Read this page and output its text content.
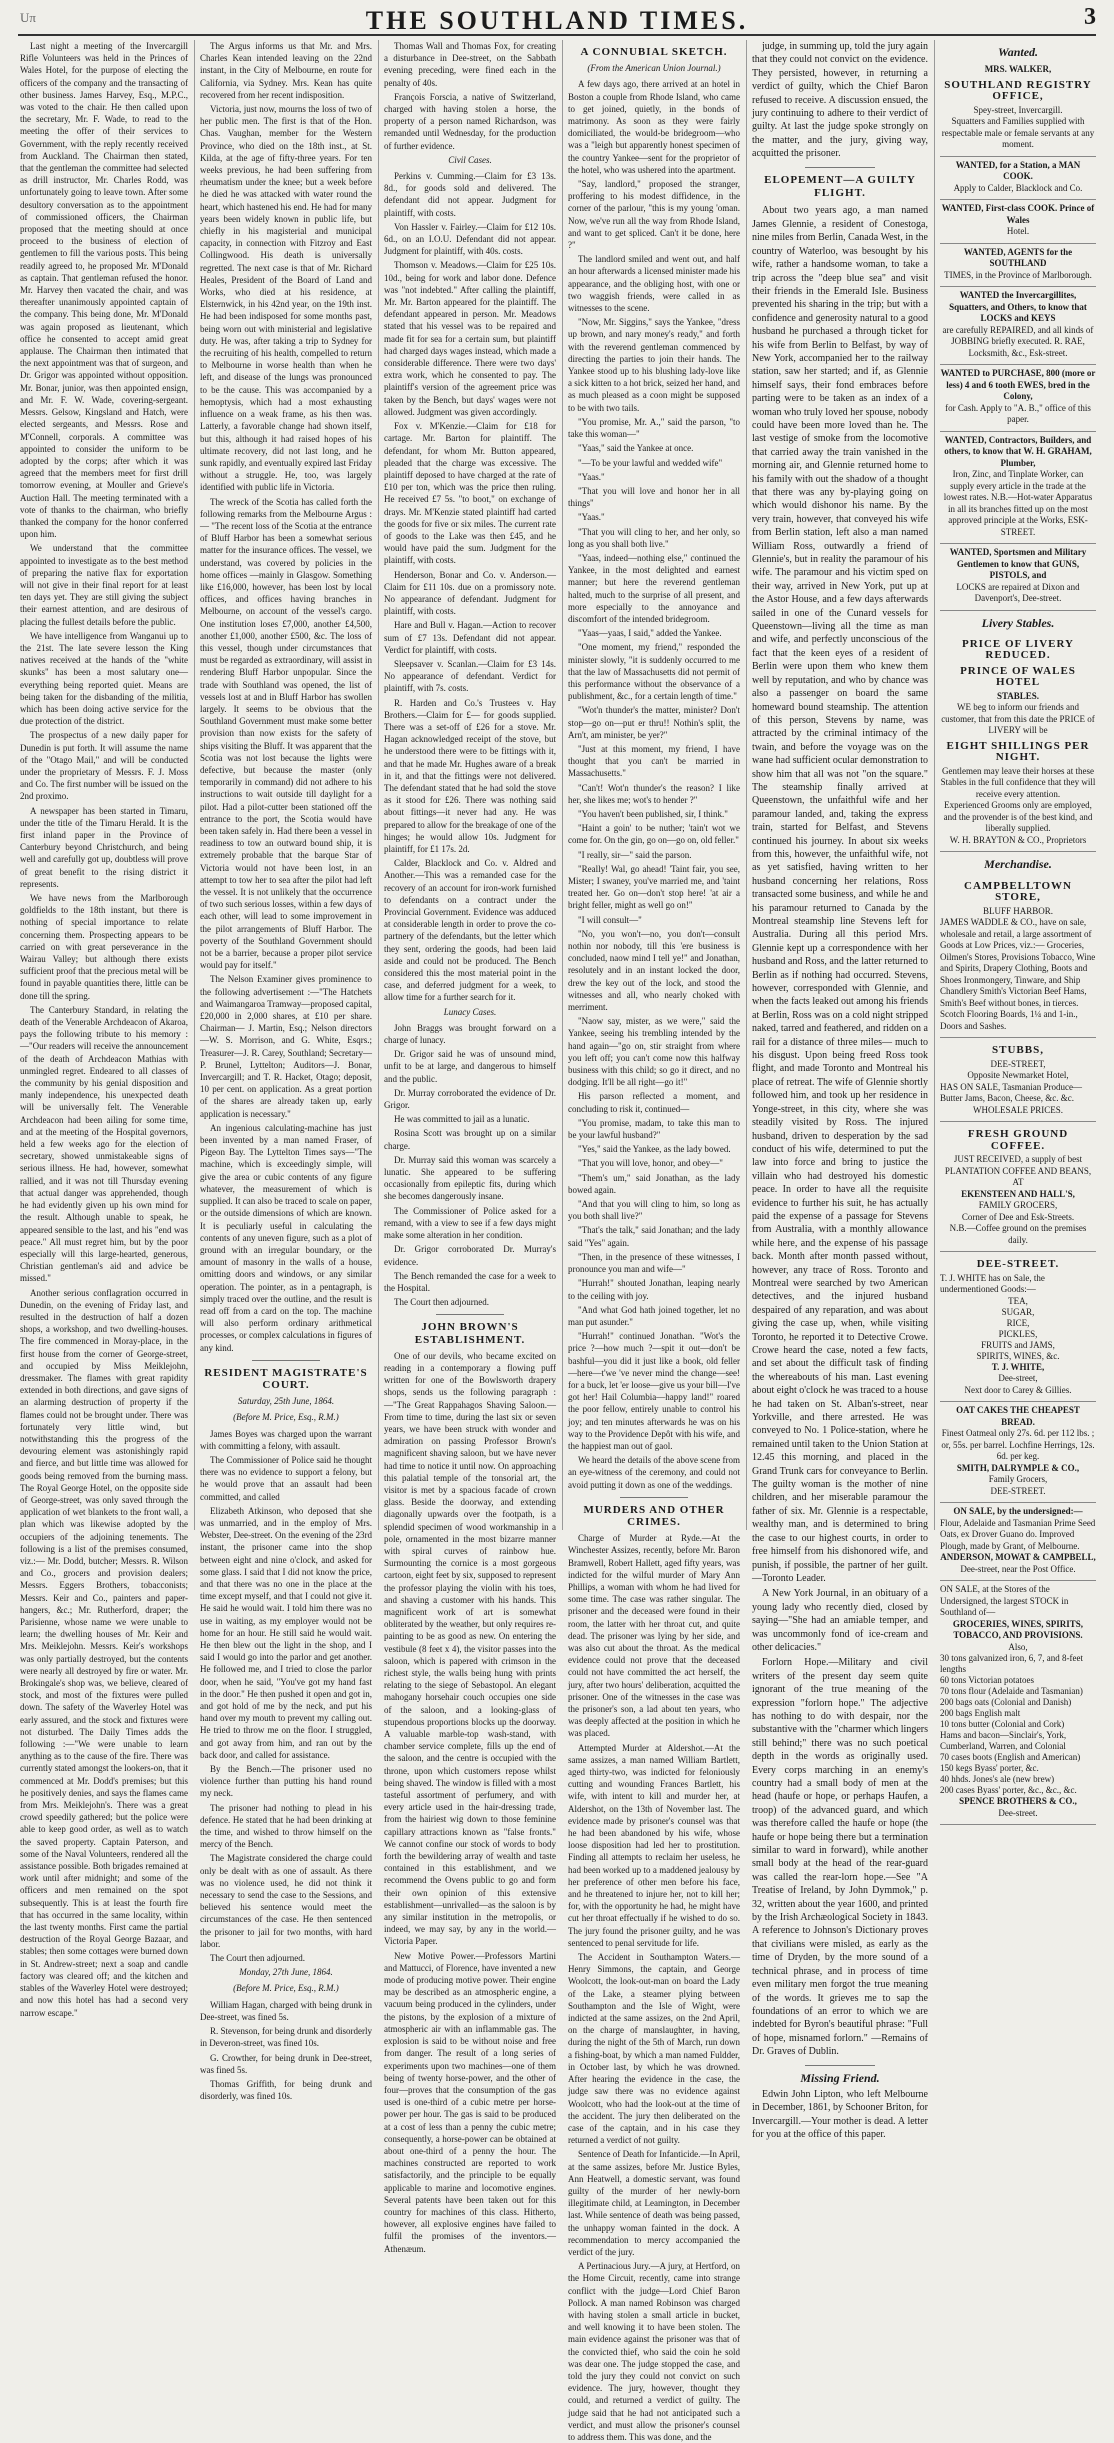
Uπ	THE SOUTHLAND TIMES.	3

Last night a meeting of the Invercargill Rifle Volunteers was held in the Princes of Wales Hotel, for the purpose of electing the officers of the company and the transacting of other business. James Harvey, Esq., M.P.C., was voted to the chair. He then called upon the secretary, Mr. F. Wade, to read to the meeting the offer of their services to Government, with the reply recently received from Auckland. The Chairman then stated, that the gentleman the committee had selected as drill instructor, Mr. Charles Rodd, was unfortunately going to leave town. After some desultory conversation as to the appointment of commissioned officers, the Chairman proposed that the meeting should at once proceed to the business of election of gentlemen to fill the various posts. This being readily agreed to, he proposed Mr. M'Donald as captain. That gentleman refused the honor. Mr. Harvey then vacated the chair, and was thereafter unanimously appointed captain of the company. This being done, Mr. M'Donald was again proposed as lieutenant, which office he consented to accept amid great applause. The Chairman then intimated that the next appointment was that of surgeon, and Dr. Grigor was appointed without opposition. Mr. Bonar, junior, was then appointed ensign, and Mr. F. W. Wade, covering-sergeant. Messrs. Gelsow, Kingsland and Hatch, were elected sergeants, and Messrs. Rose and M'Connell, corporals. A committee was appointed to consider the uniform to be adopted by the corps; after which it was agreed that the members meet for first drill tomorrow evening, at Mouller and Grieve's Auction Hall. The meeting terminated with a vote of thanks to the chairman, who briefly thanked the company for the honor conferred upon him.

We understand that the committee appointed to investigate as to the best method of preparing the native flax for exportation will not give in their final report for at least ten days yet. They are still giving the subject their earnest attention, and are desirous of placing the fullest details before the public.

We have intelligence from Wanganui up to the 21st. The late severe lesson the King natives received at the hands of the "white skunks" has been a most salutary one—everything being reported quiet. Means are being taken for the disbanding of the militia, which has been doing active service for the due protection of the district.

The prospectus of a new daily paper for Dunedin is put forth. It will assume the name of the "Otago Mail," and will be conducted under the proprietary of Messrs. F. J. Moss and Co. The first number will be issued on the 2nd proximo.

A newspaper has been started in Timaru, under the title of the Timaru Herald. It is the first inland paper in the Province of Canterbury beyond Christchurch, and being well and carefully got up, doubtless will prove of great benefit to the rising district it represents.

We have news from the Marlborough goldfields to the 18th instant, but there is nothing of special importance to relate concerning them. Prospecting appears to be carried on with great perseverance in the Wairau Valley; but although there exists sufficient proof that the precious metal will be found in payable quantities there, little can be done till the spring.

The Canterbury Standard, in relating the death of the Venerable Archdeacon of Akaroa, pays the following tribute to his memory :—"Our readers will receive the announcement of the death of Archdeacon Mathias with unmingled regret. Endeared to all classes of the community by his genial disposition and manly independence, his unexpected death will be universally felt. The Venerable Archdeacon had been ailing for some time, and at the meeting of the Hospital governors, held a few weeks ago for the election of secretary, showed unmistakeable signs of serious illness. He had, however, somewhat rallied, and it was not till Thursday evening that actual danger was apprehended, though he had evidently given up his own mind for the result. Although unable to speak, he appeared sensible to the last, and his "end was peace." All must regret him, but by the poor especially will this large-hearted, generous, Christian gentleman's aid and advice be missed."

Another serious conflagration occurred in Dunedin, on the evening of Friday last, and resulted in the destruction of half a dozen shops, a workshop, and two dwelling-houses. The fire commenced in Moray-place, in the first house from the corner of George-street, and occupied by Miss Meiklejohn, dressmaker. The flames with great rapidity extended in both directions, and gave signs of an alarming destruction of property if the flames could not be brought under. There was fortunately very little wind, but notwithstanding this the progress of the devouring element was astonishingly rapid and fierce, and but little time was allowed for goods being removed from the burning mass. The Royal George Hotel, on the opposite side of George-street, was only saved through the application of wet blankets to the front wall, a plan which was likewise adopted by the occupiers of the adjoining tenements. The following is a list of the premises consumed, viz.:— Mr. Dodd, butcher; Messrs. R. Wilson and Co., grocers and provision dealers; Messrs. Eggers Brothers, tobacconists; Messrs. Keir and Co., painters and paper-hangers, &c.; Mr. Rutherford, draper; the Parisienne, whose name we were unable to learn; the dwelling houses of Mr. Keir and Mrs. Meiklejohn. Messrs. Keir's workshops was only partially destroyed, but the contents were nearly all destroyed by fire or water. Mr. Brokingale's shop was, we believe, cleared of stock, and most of the fixtures were pulled down. The safety of the Waverley Hotel was early assured, and the stock and fixtures were not disturbed. The Daily Times adds the following :—"We were unable to learn anything as to the cause of the fire. There was currently stated amongst the lookers-on, that it commenced at Mr. Dodd's premises; but this he positively denies, and says the flames came from Mrs. Meiklejohn's. There was a great crowd speedily gathered; but the police were able to keep good order, as well as to watch the saved property. Captain Paterson, and some of the Naval Volunteers, rendered all the assistance possible. Both brigades remained at work until after midnight; and some of the officers and men remained on the spot subsequently. This is at least the fourth fire that has occurred in the same locality, within the last twenty months. First came the partial destruction of the Royal George Bazaar, and stables; then some cottages were burned down in St. Andrew-street; next a soap and candle factory was cleared off; and the kitchen and stables of the Waverley Hotel were destroyed; and now this hotel has had a second very narrow escape."

The Argus informs us that Mr. and Mrs. Charles Kean intended leaving on the 22nd instant, in the City of Melbourne, en route for California, via Sydney. Mrs. Kean has quite recovered from her recent indisposition.

Victoria, just now, mourns the loss of two of her public men. The first is that of the Hon. Chas. Vaughan, member for the Western Province, who died on the 18th inst., at St. Kilda, at the age of fifty-three years. For ten weeks previous, he had been suffering from rheumatism under the knee; but a week before he died he was attacked with water round the heart, which hastened his end. He had for many years been widely known in public life, but chiefly in his magisterial and municipal capacity, in connection with Fitzroy and East Collingwood. His death is universally regretted. The next case is that of Mr. Richard Heales, President of the Board of Land and Works, who died at his residence, at Elsternwick, in his 42nd year, on the 19th inst. He had been indisposed for some months past, being worn out with ministerial and legislative duty. He was, after taking a trip to Sydney for the recruiting of his health, compelled to return to Melbourne in worse health than when he left, and disease of the lungs was pronounced to be the cause. This was accompanied by a hemoptysis, which had a most exhausting influence on a weak frame, as his then was. Latterly, a favorable change had shown itself, but this, although it had raised hopes of his ultimate recovery, did not last long, and he sunk rapidly, and eventually expired last Friday without a struggle. He, too, was largely identified with public life in Victoria.

The wreck of the Scotia has called forth the following remarks from the Melbourne Argus :— "The recent loss of the Scotia at the entrance of Bluff Harbor has been a somewhat serious matter for the insurance offices. The vessel, we understand, was covered by policies in the home offices —mainly in Glasgow. Something like £16,000, however, has been lost by local offices, and offices having branches in Melbourne, on account of the vessel's cargo. One institution loses £7,000, another £4,500, another £1,000, another £500, &c. The loss of this vessel, though under circumstances that must be regarded as extraordinary, will assist in rendering Bluff Harbor unpopular. Since the trade with Southland was opened, the list of vessels lost at and in Bluff Harbor has swollen largely. It seems to be obvious that the Southland Government must make some better provision than now exists for the safety of ships visiting the Bluff. It was apparent that the Scotia was not lost because the lights were defective, but because the master (only temporarily in command) did not adhere to his instructions to wait outside till daylight for a pilot. Had a pilot-cutter been stationed off the entrance to the port, the Scotia would have been taken safely in. Had there been a vessel in readiness to tow an outward bound ship, it is extremely probable that the barque Star of Victoria would not have been lost, in an attempt to tow her to sea after the pilot had left the vessel. It is not unlikely that the occurrence of two such serious losses, within a few days of each other, will lead to some improvement in the pilot arrangements of Bluff Harbor. The poverty of the Southland Government should not be a barrier, because a proper pilot service would pay for itself."

The Nelson Examiner gives prominence to the following advertisement :—"The Hatchets and Waimangaroa Tramway—proposed capital, £20,000 in 2,000 shares, at £10 per share. Chairman— J. Martin, Esq.; Nelson directors—W. S. Morrison, and G. White, Esqrs.; Treasurer—J. R. Carey, Southland; Secretary—P. Brunel, Lyttelton; Auditors—J. Bonar, Invercargill; and T. R. Hacket, Otago; deposit, 10 per cent. on application. As a great portion of the shares are already taken up, early application is necessary."

An ingenious calculating-machine has just been invented by a man named Fraser, of Pigeon Bay. The Lyttelton Times says—"The machine, which is exceedingly simple, will give the area or cubic contents of any figure whatever, the measurement of which is supplied. It can also be traced to scale on paper, or the outside dimensions of which are known. It is peculiarly useful in calculating the contents of any uneven figure, such as a plot of ground with an irregular boundary, or the amount of masonry in the walls of a house, omitting doors and windows, or any similar operation. The pointer, as in a pentagraph, is simply traced over the outline, and the result is read off from a card on the top. The machine will also perform ordinary arithmetical processes, or complex calculations in figures of any kind.

RESIDENT MAGISTRATE'S COURT.
Saturday, 25th June, 1864.
(Before M. Price, Esq., R.M.)

James Boyes was charged upon the warrant with committing a felony, with assault.

The Commissioner of Police said he thought there was no evidence to support a felony, but he would prove that an assault had been committed, and called

Elizabeth Atkinson, who deposed that she was unmarried, and in the employ of Mrs. Webster, Dee-street. On the evening of the 23rd instant, the prisoner came into the shop between eight and nine o'clock, and asked for some glass. I said that I did not know the price, and that there was no one in the place at the time except myself, and that I could not give it. He said he would wait. I told him there was no use in waiting, as my employer would not be home for an hour. He still said he would wait. He then blew out the light in the shop, and I said I would go into the parlor and get another. He followed me, and I tried to close the parlor door, when he said, "You've got my hand fast in the door." He then pushed it open and got in, and got hold of me by the neck, and put his hand over my mouth to prevent my calling out. He tried to throw me on the floor. I struggled, and got away from him, and ran out by the back door, and called for assistance.

By the Bench.—The prisoner used no violence further than putting his hand round my neck.

The prisoner had nothing to plead in his defence. He stated that he had been drinking at the time, and wished to throw himself on the mercy of the Bench.

The Magistrate considered the charge could only be dealt with as one of assault. As there was no violence used, he did not think it necessary to send the case to the Sessions, and believed his sentence would meet the circumstances of the case. He then sentenced the prisoner to jail for two months, with hard labor.

The Court then adjourned.

Monday, 27th June, 1864.
(Before M. Price, Esq., R.M.)

William Hagan, charged with being drunk in Dee-street, was fined 5s.

R. Stevenson, for being drunk and disorderly in Deveron-street, was fined 10s.

G. Crowther, for being drunk in Dee-street, was fined 5s.

Thomas Griffith, for being drunk and disorderly, was fined 10s.

Thomas Wall and Thomas Fox, for creating a disturbance in Dee-street, on the Sabbath evening preceding, were fined each in the penalty of 40s.

François Forscia, a native of Switzerland, charged with having stolen a horse, the property of a person named Richardson, was remanded until Wednesday, for the production of further evidence.

Civil Cases.

Perkins v. Cumming.—Claim for £3 13s. 8d., for goods sold and delivered. The defendant did not appear. Judgment for plaintiff, with costs.

Von Hassler v. Fairley.—Claim for £12 10s. 6d., on an I.O.U. Defendant did not appear. Judgment for plaintiff, with 40s. costs.

Thomson v. Meadows.—Claim for £25 10s. 10d., being for work and labor done. Defence was "not indebted." After calling the plaintiff, Mr. Mr. Barton appeared for the plaintiff. The defendant appeared in person. Mr. Meadows stated that his vessel was to be repaired and made fit for sea for a certain sum, but plaintiff had charged days wages instead, which made a considerable difference. There were two days' extra work, which he consented to pay. The plaintiff's version of the agreement price was taken by the Bench, but days' wages were not allowed. Judgment was given accordingly.

Fox v. M'Kenzie.—Claim for £18 for cartage. Mr. Barton for plaintiff. The defendant, for whom Mr. Button appeared, pleaded that the charge was excessive. The plaintiff deposed to have charged at the rate of £10 per ton, which was the price then ruling. He received £7 5s. "to boot," on exchange of drays. Mr. M'Kenzie stated plaintiff had carted the goods for five or six miles. The current rate of goods to the Lake was then £45, and he would have paid the sum. Judgment for the plaintiff, with costs.

Henderson, Bonar and Co. v. Anderson.— Claim for £11 10s. due on a promissory note. No appearance of defendant. Judgment for plaintiff, with costs.

Hare and Bull v. Hagan.—Action to recover sum of £7 13s. Defendant did not appear. Verdict for plaintiff, with costs.

Sleepsaver v. Scanlan.—Claim for £3 14s. No appearance of defendant. Verdict for plaintiff, with 7s. costs.

R. Harden and Co.'s Trustees v. Hay Brothers.—Claim for £— for goods supplied. There was a set-off of £26 for a stove. Mr. Hagan acknowledged receipt of the stove, but he understood there were to be fittings with it, and that he made Mr. Hughes aware of a break in it, and that the fittings were not delivered. The defendant stated that he had sold the stove as it stood for £26. There was nothing said about fittings—it never had any. He was prepared to allow for the breakage of one of the hinges; he would allow 10s. Judgment for plaintiff, for £1 17s. 2d.

Calder, Blacklock and Co. v. Aldred and Another.—This was a remanded case for the recovery of an account for iron-work furnished to defendants on a contract under the Provincial Government. Evidence was adduced at considerable length in order to prove the co-partnery of the defendants, but the letter which they sent, ordering the goods, had been laid aside and could not be produced. The Bench considered this the most material point in the case, and deferred judgment for a week, to allow time for a further search for it.

Lunacy Cases.

John Braggs was brought forward on a charge of lunacy.

Dr. Grigor said he was of unsound mind, unfit to be at large, and dangerous to himself and the public.

Dr. Murray corroborated the evidence of Dr. Grigor.

He was committed to jail as a lunatic.

Rosina Scott was brought up on a similar charge.

Dr. Murray said this woman was scarcely a lunatic. She appeared to be suffering occasionally from epileptic fits, during which she becomes dangerously insane.

The Commissioner of Police asked for a remand, with a view to see if a few days might make some alteration in her condition.

Dr. Grigor corroborated Dr. Murray's evidence.

The Bench remanded the case for a week to the Hospital.

The Court then adjourned.

JOHN BROWN'S ESTABLISHMENT.

One of our devils, who became excited on reading in a contemporary a flowing puff written for one of the Bowlsworth drapery shops, sends us the following paragraph :—"The Great Rappahagos Shaving Saloon.—From time to time, during the last six or seven years, we have been struck with wonder and admiration on passing Professor Brown's magnificent shaving saloon, but we have never had time to notice it until now. On approaching this palatial temple of the tonsorial art, the visitor is met by a spacious facade of crown glass. Beside the doorway, and extending diagonally upwards over the footpath, is a splendid specimen of wood workmanship in a pole, ornamented in the most bizarre manner with spiral curves of rainbow hue. Surmounting the cornice is a most gorgeous cartoon, eight feet by six, supposed to represent the professor playing the violin with his toes, and shaving a customer with his hands. This magnificent work of art is somewhat obliterated by the weather, but only requires re-painting to be as good as new. On entering the vestibule (8 feet x 4), the visitor passes into the saloon, which is papered with crimson in the richest style, the walls being hung with prints relating to the siege of Sebastopol. An elegant mahogany horsehair couch occupies one side of the saloon, and a looking-glass of stupendous proportions blocks up the doorway. A valuable marble-top wash-stand, with chamber service complete, fills up the end of the saloon, and the centre is occupied with the throne, upon which customers repose whilst being shaved. The window is filled with a most tasteful assortment of perfumery, and with every article used in the hair-dressing trade, from the hairiest wig down to those feminine capillary attractions known as "false fronts." We cannot confine our stock of words to body forth the bewildering array of wealth and taste contained in this establishment, and we recommend the Ovens public to go and form their own opinion of this extensive establishment—unrivalled—as the saloon is by any similar institution in the metropolis, or indeed, we may say, by any in the world.—Victoria Paper.

New Motive Power.—Professors Martini and Mattucci, of Florence, have invented a new mode of producing motive power. Their engine may be described as an atmospheric engine, a vacuum being produced in the cylinders, under the pistons, by the explosion of a mixture of atmospheric air with an inflammable gas. The explosion is said to be without noise and free from danger. The result of a long series of experiments upon two machines—one of them being of twenty horse-power, and the other of four—proves that the consumption of the gas used is one-third of a cubic metre per horse-power per hour. The gas is said to be produced at a cost of less than a penny the cubic metre; consequently, a horse-power can be obtained at about one-third of a penny the hour. The machines constructed are reported to work satisfactorily, and the principle to be equally applicable to marine and locomotive engines. Several patents have been taken out for this country for machines of this class. Hitherto, however, all explosive engines have failed to fulfil the promises of the inventors.—Athenæum.

A CONNUBIAL SKETCH.
(From the American Union Journal.)

A few days ago, there arrived at an hotel in Boston a couple from Rhode Island, who came to get joined, quietly, in the bonds of matrimony. As soon as they were fairly domiciliated, the would-be bridegroom—who was a "leigh but apparently honest specimen of the country Yankee—sent for the proprietor of the hotel, who was ushered into the apartment.

"Say, landlord," proposed the stranger, proffering to his modest diffidence, in the corner of the parlour, "this is my young 'oman. Now, we've run all the way from Rhode Island, and want to get spliced. Can't it be done, here ?"

The landlord smiled and went out, and half an hour afterwards a licensed minister made his appearance, and the obliging host, with one or two waggish friends, were called in as witnesses to the scene.

"Now, Mr. Siggins," says the Yankee, "dress up brown, and nary money's ready," and forth with the reverend gentleman commenced by directing the parties to join their hands. The Yankee stood up to his blushing lady-love like a sick kitten to a hot brick, seized her hand, and as much pleased as a coon might be supposed to be with two tails.

"You promise, Mr. A.," said the parson, "to take this woman—"

"Yaas," said the Yankee at once.

"—To be your lawful and wedded wife"

"Yaas."

"That you will love and honor her in all things"

"Yaas."

"That you will cling to her, and her only, so long as you shall both live."

"Yaas, indeed—nothing else," continued the Yankee, in the most delighted and earnest manner; but here the reverend gentleman halted, much to the surprise of all present, and more especially to the annoyance and discomfort of the intended bridegroom.

"Yaas—yaas, I said," added the Yankee.

"One moment, my friend," responded the minister slowly, "it is suddenly occurred to me that the law of Massachusetts did not permit of this performance without the observance of a publishment, &c., for a certain length of time."

"Wot'n thunder's the matter, minister? Don't stop—go on—put er thru!! Nothin's split, the Arn't, am minister, be yer?"

"Just at this moment, my friend, I have thought that you can't be married in Massachusetts."

"Can't! Wot'n thunder's the reason? I like her, she likes me; wot's to hender ?"

"You haven't been published, sir, I think."

"Haint a goin' to be nuther; 'tain't wot we come for. On the gin, go on—go on, old feller."

"I really, sir—" said the parson.

"Really! Wal, go ahead! 'Taint fair, you see, Mister; I swaney, you've married me, and 'taint treated her. Go on—don't stop here! 'at air a bright feller, might as well go on!"

"I will consult—"

"No, you won't—no, you don't—consult nothin nor nobody, till this 'ere business is concluded, naow mind I tell ye!" and Jonathan, resolutely and in an instant locked the door, drew the key out of the lock, and stood the witnesses and all, who nearly choked with merriment.

"Naow say, mister, as we were," said the Yankee, seeing his trembling intended by the hand again—"go on, stir straight from where you left off; you can't come now this halfway business with this child; so go it direct, and no dodging. It'll be all right—go it!"

His parson reflected a moment, and concluding to risk it, continued—

"You promise, madam, to take this man to be your lawful husband?"

"Yes," said the Yankee, as the lady bowed.

"That you will love, honor, and obey—"

"Them's um," said Jonathan, as the lady bowed again.

"And that you will cling to him, so long as you both shall live?"

"That's the talk," said Jonathan; and the lady said "Yes" again.

"Then, in the presence of these witnesses, I pronounce you man and wife—"

"Hurrah!" shouted Jonathan, leaping nearly to the ceiling with joy.

"And what God hath joined together, let no man put asunder."

"Hurrah!" continued Jonathan. "Wot's the price ?—how much ?—spit it out—don't be bashful—you did it just like a book, old feller—here—t'we 've never mind the change—see! for a buck, let 'er loose—give us your bill—I've got her! Hail Columbia—happy land!" roared the poor fellow, entirely unable to control his joy; and ten minutes afterwards he was on his way to the Providence Depôt with his wife, and the happiest man out of gaol.

We heard the details of the above scene from an eye-witness of the ceremony, and could not avoid putting it down as one of the weddings.

MURDERS AND OTHER CRIMES.

Charge of Murder at Ryde.—At the Winchester Assizes, recently, before Mr. Baron Bramwell, Robert Hallett, aged fifty years, was indicted for the wilful murder of Mary Ann Phillips, a woman with whom he had lived for some time. The case was rather singular. The prisoner and the deceased were found in their room, the latter with her throat cut, and quite dead. The prisoner was lying by her side, and was also cut about the throat. As the medical evidence could not prove that the deceased could not have committed the act herself, the jury, after two hours' deliberation, acquitted the prisoner. One of the witnesses in the case was the prisoner's son, a lad about ten years, who was deeply affected at the position in which he was placed.

Attempted Murder at Aldershot.—At the same assizes, a man named William Bartlett, aged thirty-two, was indicted for feloniously cutting and wounding Frances Bartlett, his wife, with intent to kill and murder her, at Aldershot, on the 13th of November last. The evidence made by prisoner's counsel was that he had been abandoned by his wife, whose loose disposition had led her to prostitution. Finding all attempts to reclaim her useless, he had been worked up to a maddened jealousy by her preference of other men before his face, and he threatened to injure her, not to kill her; for, with the opportunity he had, he might have cut her throat effectually if he wished to do so. The jury found the prisoner guilty, and he was sentenced to penal servitude for life.

The Accident in Southampton Waters.— Henry Simmons, the captain, and George Woolcott, the look-out-man on board the Lady of the Lake, a steamer plying between Southampton and the Isle of Wight, were indicted at the same assizes, on the 2nd April, on the charge of manslaughter, in having, during the night of the 5th of March, run down a fishing-boat, by which a man named Fuldder, in October last, by which he was drowned. After hearing the evidence in the case, the judge saw there was no evidence against Woolcott, who had the look-out at the time of the accident. The jury then deliberated on the case of the captain, and in his case they returned a verdict of not guilty.

Sentence of Death for Infanticide.—In April, at the same assizes, before Mr. Justice Byles, Ann Heatwell, a domestic servant, was found guilty of the murder of her newly-born illegitimate child, at Leamington, in December last. While sentence of death was being passed, the unhappy woman fainted in the dock. A recommendation to mercy accompanied the verdict of the jury.

A Pertinacious Jury.—A jury, at Hertford, on the Home Circuit, recently, came into strange conflict with the judge—Lord Chief Baron Pollock. A man named Robinson was charged with having stolen a small article in bucket, and well knowing it to have been stolen. The main evidence against the prisoner was that of the convicted thief, who said the coin he sold was dear one. The judge stopped the case, and told the jury they could not convict on such evidence. The jury, however, thought they could, and returned a verdict of guilty. The judge said that he had not anticipated such a verdict, and must allow the prisoner's counsel to address them. This was done, and the

judge, in summing up, told the jury again that they could not convict on the evidence. They persisted, however, in returning a verdict of guilty, which the Chief Baron refused to receive. A discussion ensued, the jury continuing to adhere to their verdict of guilty. At last the judge spoke strongly on the matter, and the jury, giving way, acquitted the prisoner.

ELOPEMENT—A GUILTY FLIGHT.

About two years ago, a man named James Glennie, a resident of Conestoga, nine miles from Berlin, Canada West, in the country of Waterloo, was besought by his wife, rather a handsome woman, to take a trip across the "deep blue sea" and visit their friends in the Emerald Isle. Business prevented his sharing in the trip; but with a confidence and generosity natural to a good husband he purchased a through ticket for his wife from Berlin to Belfast, by way of New York, accompanied her to the railway station, saw her started; and if, as Glennie himself says, their fond embraces before parting were to be taken as an index of a woman who truly loved her spouse, nobody could have been more loved than he. The last vestige of smoke from the locomotive that carried away the train vanished in the morning air, and Glennie returned home to his family with out the shadow of a thought that there was any by-playing going on which would dishonor his name. By the very train, however, that conveyed his wife from Berlin station, left also a man named William Ross, outwardly a friend of Glennie's, but in reality the paramour of his wife. The paramour and his victim sped on their way, arrived in New York, put up at the Astor House, and a few days afterwards sailed in one of the Cunard vessels for Queenstown—living all the time as man and wife, and perfectly unconscious of the fact that the keen eyes of a resident of Berlin were upon them who knew them well by reputation, and who by chance was also a passenger on board the same homeward bound steamship. The attention of this person, Stevens by name, was attracted by the criminal intimacy of the twain, and before the voyage was on the wane had sufficient ocular demonstration to show him that all was not "on the square." The steamship finally arrived at Queenstown, the unfaithful wife and her paramour landed, and, taking the express train, started for Belfast, and Stevens continued his journey. In about six weeks from this, however, the unfaithful wife, not as yet satisfied, having written to her husband concerning her relations, Ross transacted some business, and while he and his paramour returned to Canada by the Montreal steamship line Stevens left for Australia. During all this period Mrs. Glennie kept up a correspondence with her husband and Ross, and the latter returned to Berlin as if nothing had occurred. Stevens, however, corresponded with Glennie, and when the facts leaked out among his friends at Berlin, Ross was on a cold night stripped naked, tarred and feathered, and ridden on a rail for a distance of three miles— much to his disgust. Upon being freed Ross took flight, and made Toronto and Montreal his place of retreat. The wife of Glennie shortly followed him, and took up her residence in Yonge-street, in this city, where she was steadily visited by Ross. The injured husband, driven to desperation by the sad conduct of his wife, determined to put the law into force and bring to justice the villain who had destroyed his domestic peace. In order to have all the requisite evidence to further his suit, he has actually paid the expense of a passage for Stevens from Australia, with a monthly allowance while here, and the expense of his passage back. Month after month passed without, however, any trace of Ross. Toronto and Montreal were searched by two American detectives, and the injured husband despaired of any reparation, and was about giving the case up, when, while visiting Toronto, he reported it to Detective Crowe. Crowe heard the case, noted a few facts, and set about the difficult task of finding the whereabouts of his man. Last evening about eight o'clock he was traced to a house he had taken on St. Alban's-street, near Yorkville, and there arrested. He was conveyed to No. 1 Police-station, where he remained until taken to the Union Station at 12.45 this morning, and placed in the Grand Trunk cars for conveyance to Berlin. The guilty woman is the mother of nine children, and her miserable paramour the father of six. Mr. Glennie is a respectable, wealthy man, and is determined to bring the case to our highest courts, in order to free himself from his dishonored wife, and punish, if possible, the partner of her guilt.—Toronto Leader.

A New York Journal, in an obituary of a young lady who recently died, closed by saying—"She had an amiable temper, and was uncommonly fond of ice-cream and other delicacies."

Forlorn Hope.—Military and civil writers of the present day seem quite ignorant of the true meaning of the expression "forlorn hope." The adjective has nothing to do with despair, nor the substantive with the "charmer which lingers still behind;" there was no such poetical depth in the words as originally used. Every corps marching in an enemy's country had a small body of men at the head (haufe or hope, or perhaps Haufen, a troop) of the advanced guard, and which was therefore called the haufe or hope (the haufe or hope being there but a termination similar to ward in forward), while another small body at the head of the rear-guard was called the rear-lorn hope.—See "A Treatise of Ireland, by John Dymmok," p. 32, written about the year 1600, and printed by the Irish Archæological Society in 1843. A reference to Johnson's Dictionary proves that civilians were misled, as early as the time of Dryden, by the more sound of a technical phrase, and in process of time even military men forgot the true meaning of the words. It grieves me to sap the foundations of an error to which we are indebted for Byron's beautiful phrase: "Full of hope, misnamed forlorn." —Remains of Dr. Graves of Dublin.

Missing Friend.

Edwin John Lipton, who left Melbourne in December, 1861, by Schooner Briton, for Invercargill.—Your mother is dead. A letter for you at the office of this paper.

Wanted.
MRS. WALKER,
SOUTHLAND REGISTRY OFFICE,
Spey-street, Invercargill.
Squatters and Families supplied with respectable male or female servants at any moment.
WANTED, for a Station, a MAN COOK.
Apply to Calder, Blacklock and Co.
WANTED, First-class COOK. Prince of Wales
Hotel.
WANTED, AGENTS for the SOUTHLAND
TIMES, in the Province of Marlborough.
WANTED the Invercargillites, Squatters, and Others, to know that LOCKS and KEYS
are carefully REPAIRED, and all kinds of JOBBING briefly executed. R. RAE, Locksmith, &c., Esk-street.
WANTED to PURCHASE, 800 (more or less) 4 and 6 tooth EWES, bred in the Colony,
for Cash. Apply to "A. B.," office of this paper.
WANTED, Contractors, Builders, and others, to know that W. H. GRAHAM, Plumber,
Iron, Zinc, and Tinplate Worker, can supply every article in the trade at the lowest rates. N.B.—Hot-water Apparatus in all its branches fitted up on the most approved principle at the Works, ESK-STREET.
WANTED, Sportsmen and Military Gentlemen to know that GUNS, PISTOLS, and
LOCKS are repaired at Dixon and Davenport's, Dee-street.
Livery Stables.
PRICE OF LIVERY REDUCED.
PRINCE OF WALES HOTEL
STABLES.
WE beg to inform our friends and customer, that from this date the PRICE of LIVERY will be
EIGHT SHILLINGS PER NIGHT.
Gentlemen may leave their horses at these Stables in the full confidence that they will receive every attention.
Experienced Grooms only are employed, and the provender is of the best kind, and liberally supplied.
W. H. BRAYTON & CO., Proprietors
Merchandise.
CAMPBELLTOWN STORE,
BLUFF HARBOR.
JAMES WADDLE & CO., have on sale, wholesale and retail, a large assortment of Goods at Low Prices, viz.:— Groceries, Oilmen's Stores, Provisions Tobacco, Wine and Spirits, Drapery Clothing, Boots and Shoes Ironmongery, Tinware, and Ship Chandlery Smith's Victorian Beef Hams, Smith's Beef without bones, in tierces. Scotch Flooring Boards, 1¼ and 1-in., Doors and Sashes.
STUBBS,
DEE-STREET,
Opposite Newmarket Hotel,
HAS ON SALE, Tasmanian Produce—Butter Jams, Bacon, Cheese, &c. &c.
WHOLESALE PRICES.
FRESH GROUND COFFEE.
JUST RECEIVED, a supply of best
PLANTATION COFFEE AND BEANS,
AT
EKENSTEEN AND HALL'S,
FAMILY GROCERS,
Corner of Dee and Esk-Streets.
N.B.—Coffee ground on the premises daily.
DEE-STREET.
T. J. WHITE has on Sale, the undermentioned Goods:—
TEA,
SUGAR,
RICE,
PICKLES,
FRUITS and JAMS,
SPIRITS, WINES, &c.
T. J. WHITE,
Dee-street,
Next door to Carey & Gillies.
OAT CAKES THE CHEAPEST BREAD.
Finest Oatmeal only 27s. 6d. per 112 lbs. ; or, 55s. per barrel. Lochfine Herrings, 12s. 6d. per keg.
SMITH, DALRYMPLE & CO.,
Family Grocers,
DEE-STREET.
ON SALE, by the undersigned:—
Flour, Adelaide and Tasmanian Prime Seed Oats, ex Drover Guano do. Improved Plough, made by Grant, of Melbourne.
ANDERSON, MOWAT & CAMPBELL,
Dee-street, near the Post Office.
ON SALE, at the Stores of the Undersigned, the largest STOCK in Southland of—
GROCERIES, WINES, SPIRITS, TOBACCO, AND PROVISIONS.
Also,
30 tons galvanized iron, 6, 7, and 8-feet lengths
60 tons Victorian potatoes
70 tons flour (Adelaide and Tasmanian)
200 bags oats (Colonial and Danish)
200 bags English malt
10 tons butter (Colonial and Cork)
Hams and bacon—Sinclair's, York, Cumberland, Warren, and Colonial
70 cases boots (English and American)
150 kegs Byass' porter, &c.
40 hhds. Jones's ale (new brew)
200 cases Byass' porter, &c., &c., &c.
SPENCE BROTHERS & CO.,
Dee-street.
